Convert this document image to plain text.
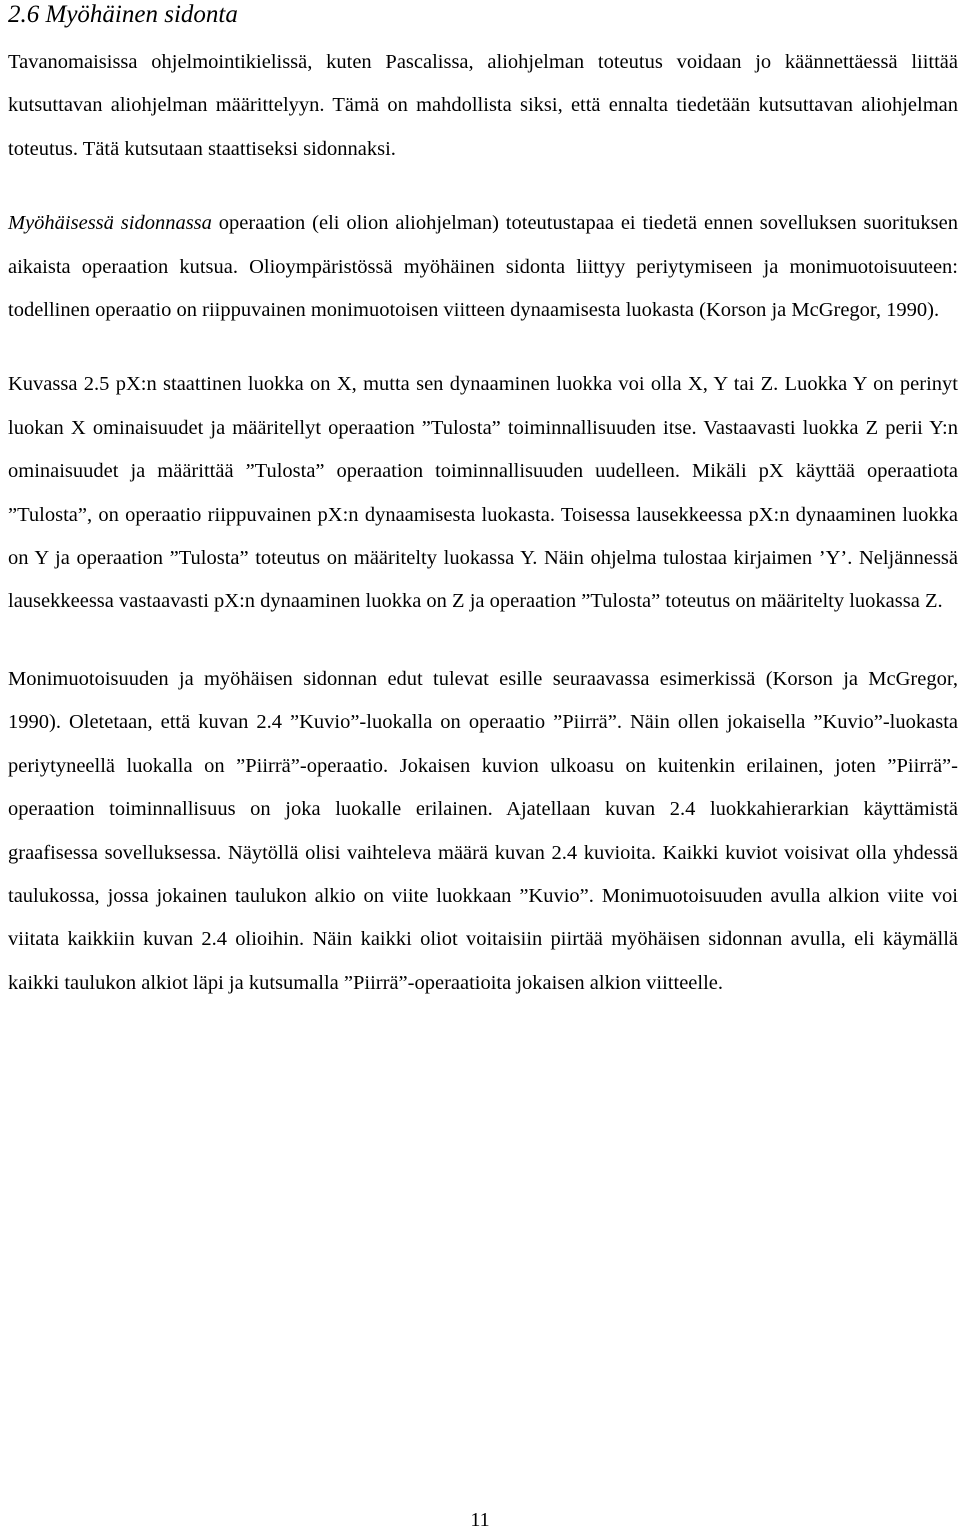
2.6 Myöhäinen sidonta

Tavanomaisissa ohjelmointikielissä, kuten Pascalissa, aliohjelman toteutus voidaan jo käännettäessä liittää kutsuttavan aliohjelman määrittelyyn. Tämä on mahdollista siksi, että ennalta tiedetään kutsuttavan aliohjelman toteutus. Tätä kutsutaan staattiseksi sidonnaksi.

Myöhäisessä sidonnassa operaation (eli olion aliohjelman) toteutustapaa ei tiedetä ennen sovelluksen suorituksen aikaista operaation kutsua. Olioympäristössä myöhäinen sidonta liittyy periytymiseen ja monimuotoisuuteen: todellinen operaatio on riippuvainen monimuotoisen viitteen dynaamisesta luokasta (Korson ja McGregor, 1990).

Kuvassa 2.5 pX:n staattinen luokka on X, mutta sen dynaaminen luokka voi olla X, Y tai Z. Luokka Y on perinyt luokan X ominaisuudet ja määritellyt operaation ”Tulosta” toiminnallisuuden itse. Vastaavasti luokka Z perii Y:n ominaisuudet ja määrittää ”Tulosta” operaation toiminnallisuuden uudelleen. Mikäli pX käyttää operaatiota ”Tulosta”, on operaatio riippuvainen pX:n dynaamisesta luokasta. Toisessa lausekkeessa pX:n dynaaminen luokka on Y ja operaation ”Tulosta” toteutus on määritelty luokassa Y. Näin ohjelma tulostaa kirjaimen ’Y’. Neljännessä lausekkeessa vastaavasti pX:n dynaaminen luokka on Z ja operaation ”Tulosta” toteutus on määritelty luokassa Z.

Monimuotoisuuden ja myöhäisen sidonnan edut tulevat esille seuraavassa esimerkissä (Korson ja McGregor, 1990). Oletetaan, että kuvan 2.4 ”Kuvio”-luokalla on operaatio ”Piirrä”. Näin ollen jokaisella ”Kuvio”-luokasta periytyneellä luokalla on ”Piirrä”-operaatio. Jokaisen kuvion ulkoasu on kuitenkin erilainen, joten ”Piirrä”-operaation toiminnallisuus on joka luokalle erilainen. Ajatellaan kuvan 2.4 luokkahierarkian käyttämistä graafisessa sovelluksessa. Näytöllä olisi vaihteleva määrä kuvan 2.4 kuvioita. Kaikki kuviot voisivat olla yhdessä taulukossa, jossa jokainen taulukon alkio on viite luokkaan ”Kuvio”. Monimuotoisuuden avulla alkion viite voi viitata kaikkiin kuvan 2.4 olioihin. Näin kaikki oliot voitaisiin piirtää myöhäisen sidonnan avulla, eli käymällä kaikki taulukon alkiot läpi ja kutsumalla ”Piirrä”-operaatioita jokaisen alkion viitteelle.

11
